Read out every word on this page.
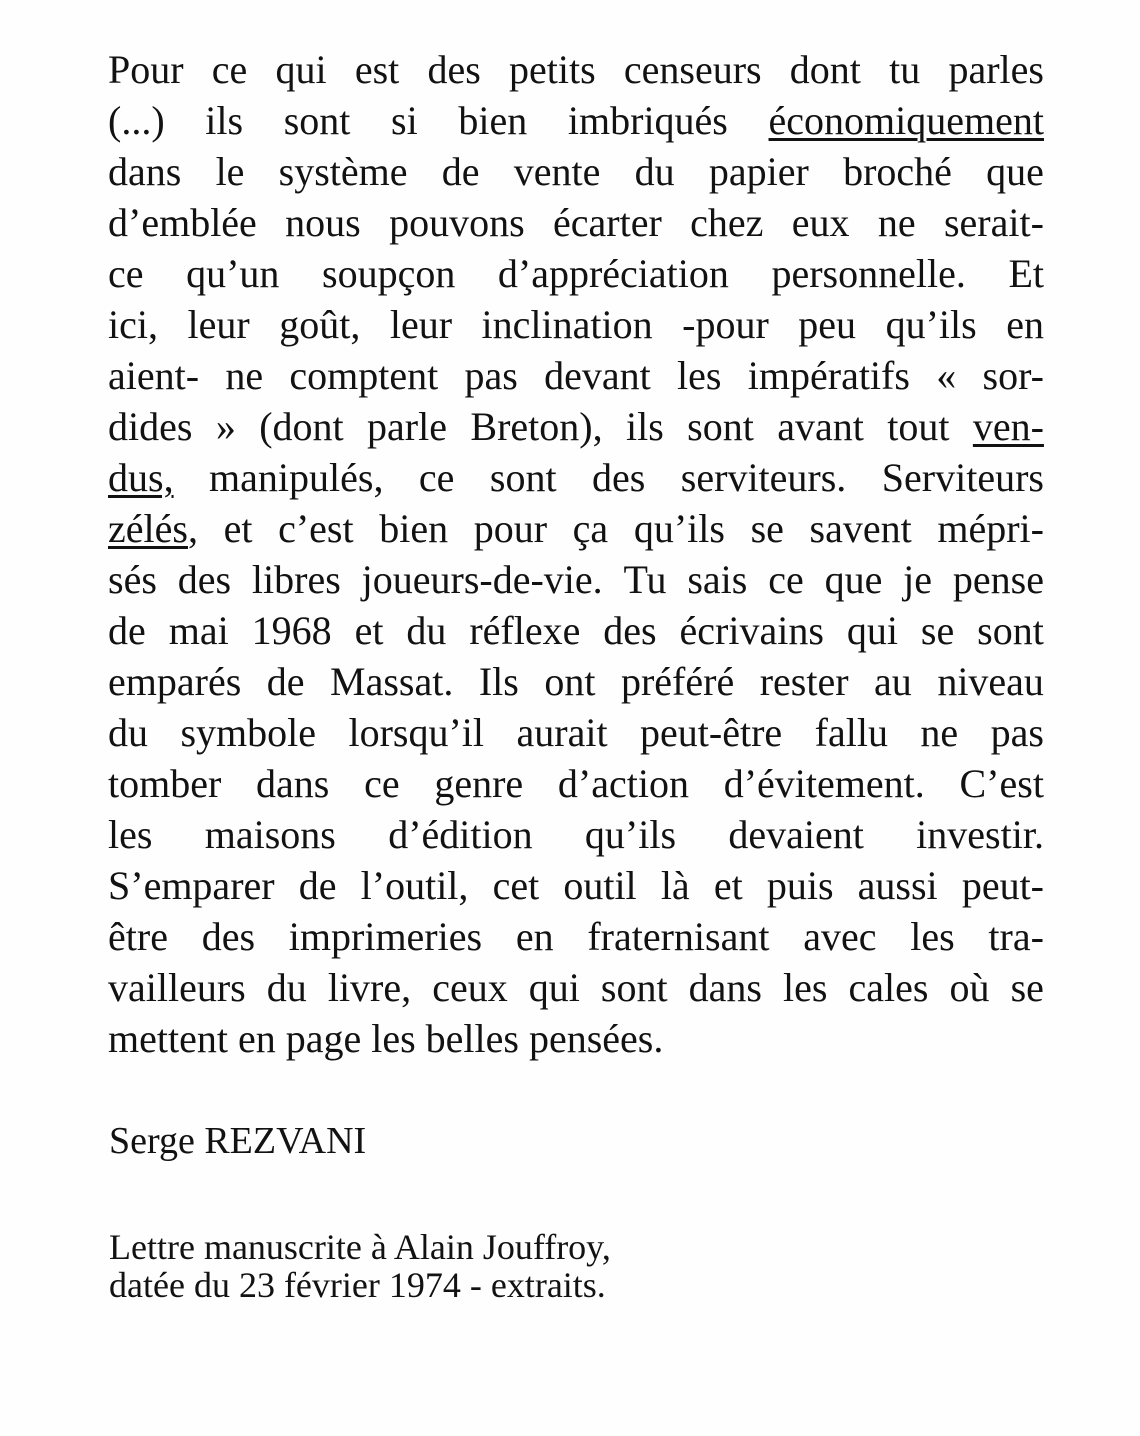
Pour ce qui est des petits censeurs dont tu parles
(...) ils sont si bien imbriqués économiquement
dans le système de vente du papier broché que
d’emblée nous pouvons écarter chez eux ne serait-
ce qu’un soupçon d’appréciation personnelle. Et
ici, leur goût, leur inclination -pour peu qu’ils en
aient- ne comptent pas devant les impératifs « sor-
dides » (dont parle Breton), ils sont avant tout ven-
dus, manipulés, ce sont des serviteurs. Serviteurs
zélés, et c’est bien pour ça qu’ils se savent mépri-
sés des libres joueurs-de-vie. Tu sais ce que je pense
de mai 1968 et du réflexe des écrivains qui se sont
emparés de Massat. Ils ont préféré rester au niveau
du symbole lorsqu’il aurait peut-être fallu ne pas
tomber dans ce genre d’action d’évitement. C’est
les maisons d’édition qu’ils devaient investir.
S’emparer de l’outil, cet outil là et puis aussi peut-
être des imprimeries en fraternisant avec les tra-
vailleurs du livre, ceux qui sont dans les cales où se
mettent en page les belles pensées.
Serge REZVANI
Lettre manuscrite à Alain Jouffroy,
datée du 23 février 1974 - extraits.
